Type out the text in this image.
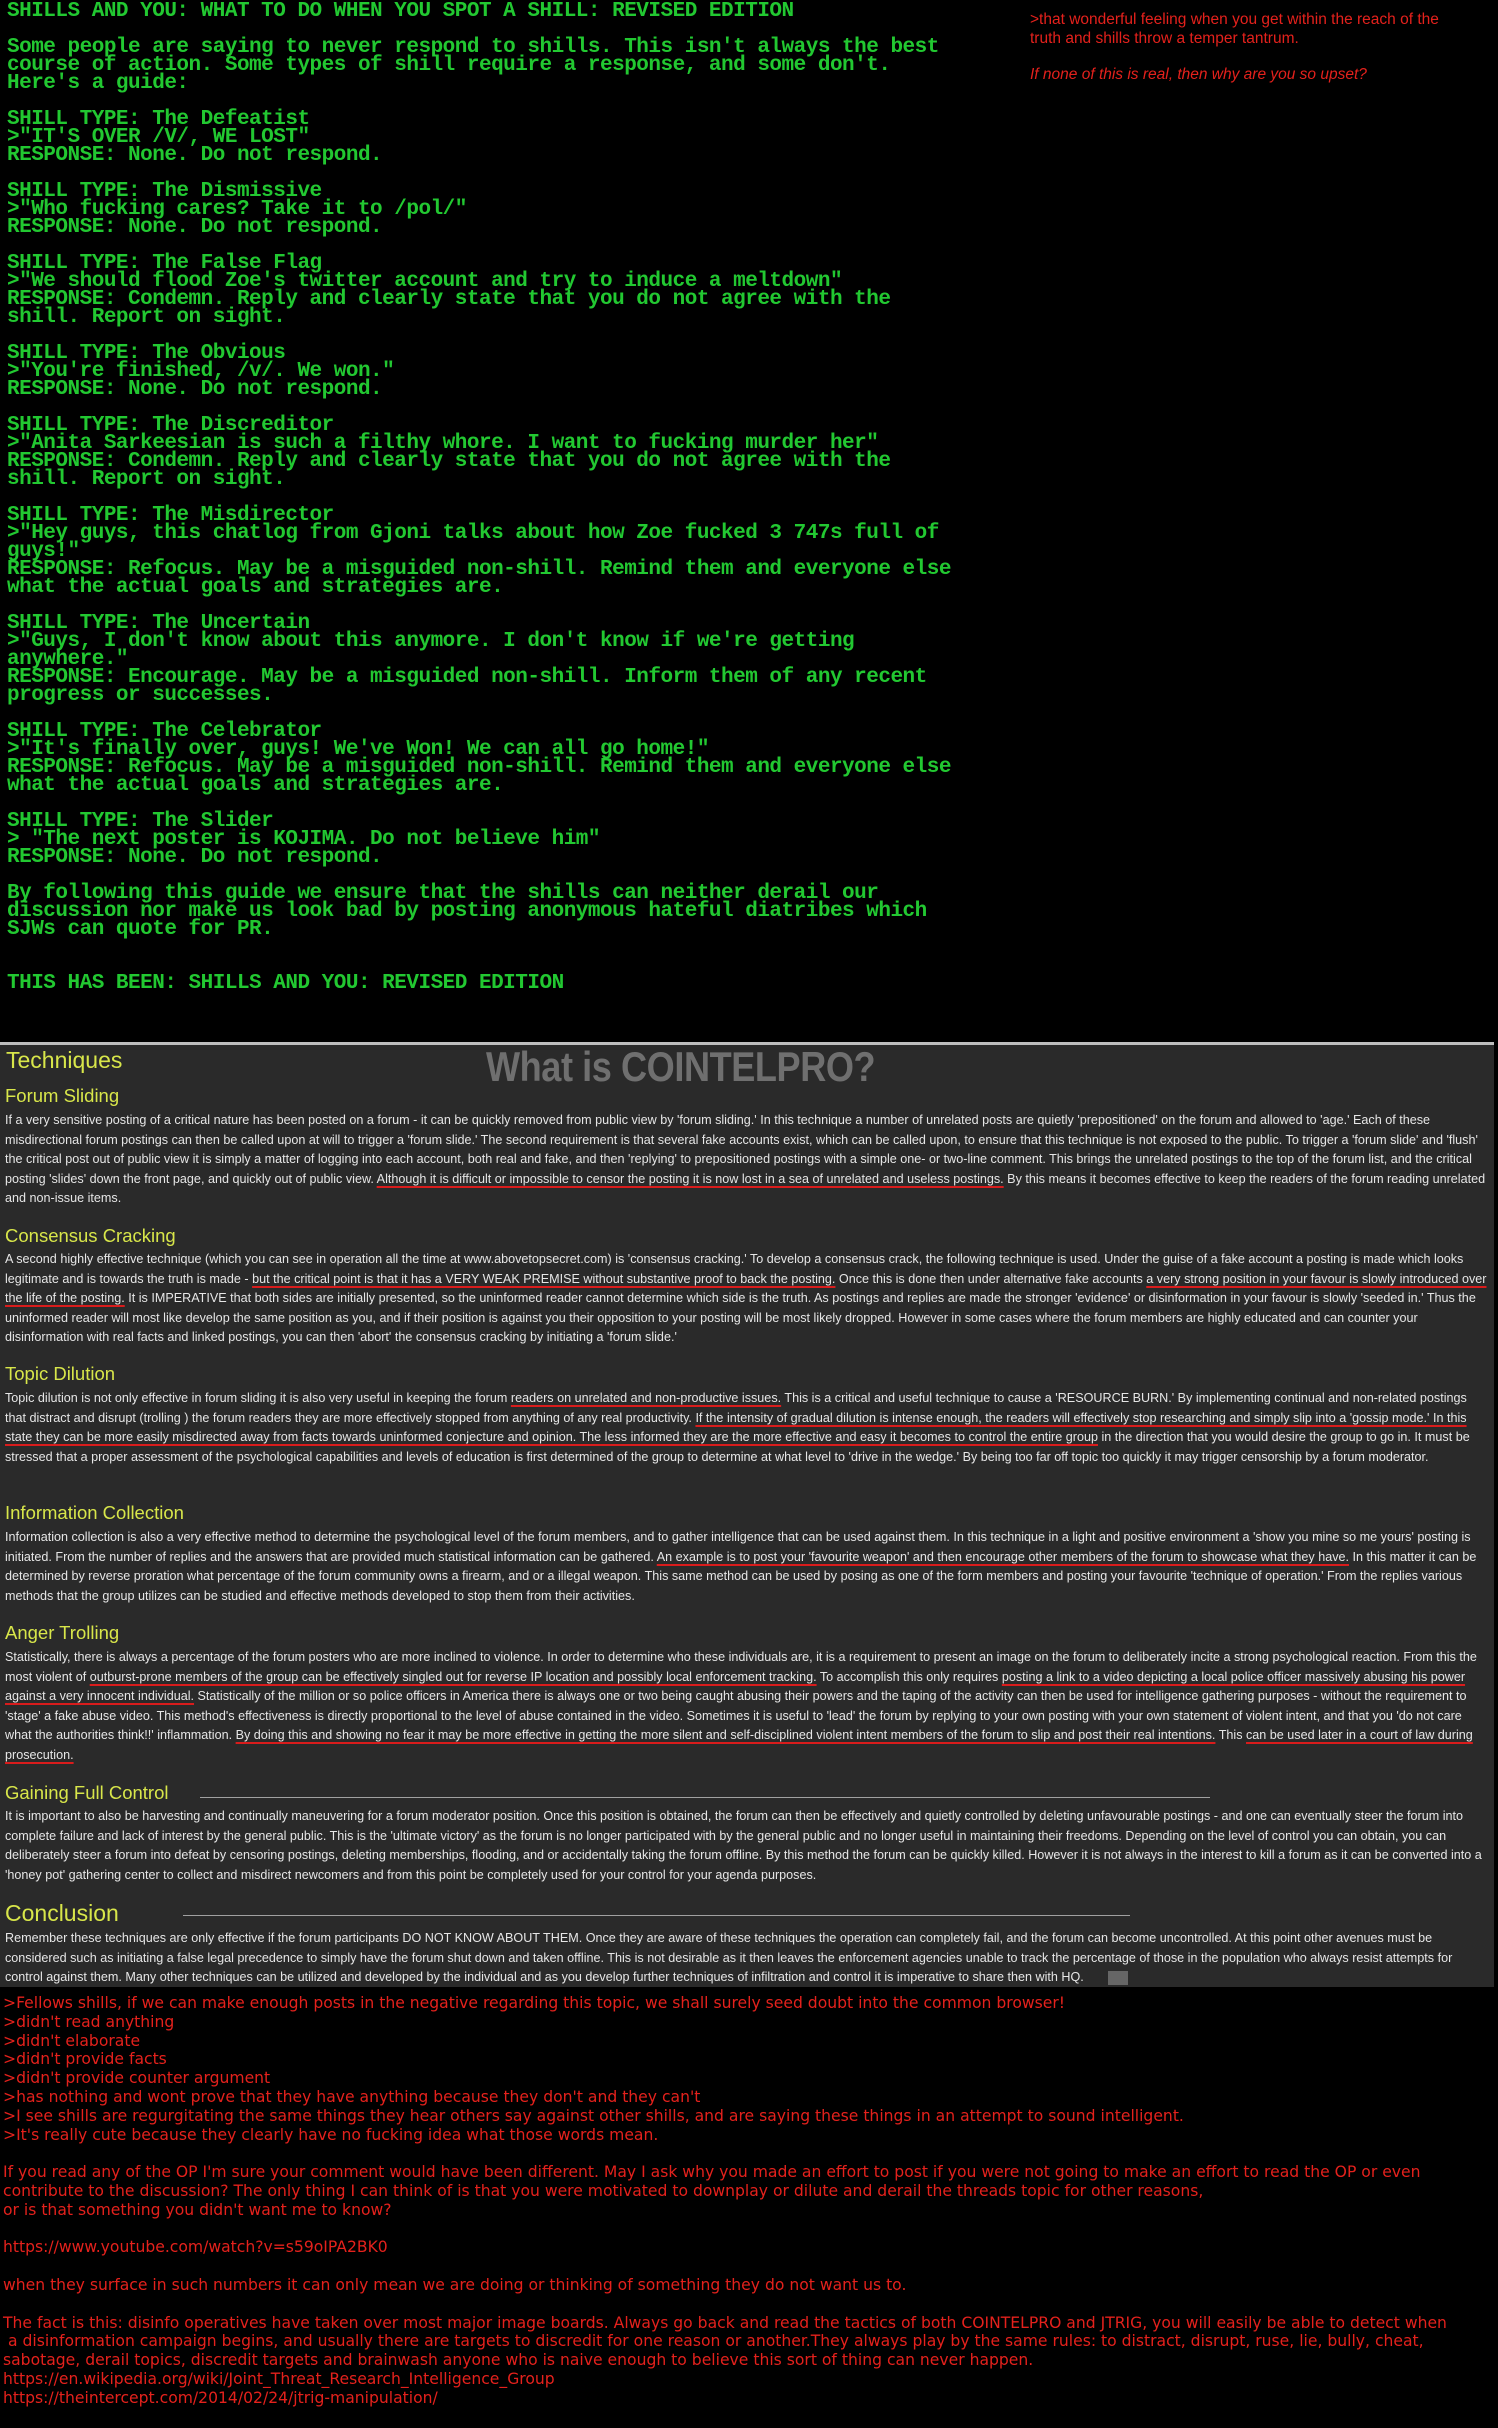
SHILLS AND YOU: WHAT TO DO WHEN YOU SPOT A SHILL: REVISED EDITION
Some people are saying to never respond to shills. This isn't always the best
course of action. Some types of shill require a response, and some don't.
Here's a guide:
SHILL TYPE: The Defeatist
>"IT'S OVER /V/, WE LOST"
RESPONSE: None. Do not respond.
SHILL TYPE: The Dismissive
>"Who fucking cares? Take it to /pol/"
RESPONSE: None. Do not respond.
SHILL TYPE: The False Flag
>"We should flood Zoe's twitter account and try to induce a meltdown"
RESPONSE: Condemn. Reply and clearly state that you do not agree with the
shill. Report on sight.
SHILL TYPE: The Obvious
>"You're finished, /v/. We won."
RESPONSE: None. Do not respond.
SHILL TYPE: The Discreditor
>"Anita Sarkeesian is such a filthy whore. I want to fucking murder her"
RESPONSE: Condemn. Reply and clearly state that you do not agree with the
shill. Report on sight.
SHILL TYPE: The Misdirector
>"Hey guys, this chatlog from Gjoni talks about how Zoe fucked 3 747s full of
guys!"
RESPONSE: Refocus. May be a misguided non-shill. Remind them and everyone else
what the actual goals and strategies are.
SHILL TYPE: The Uncertain
>"Guys, I don't know about this anymore. I don't know if we're getting
anywhere."
RESPONSE: Encourage. May be a misguided non-shill. Inform them of any recent
progress or successes.
SHILL TYPE: The Celebrator
>"It's finally over, guys! We've Won! We can all go home!"
RESPONSE: Refocus. May be a misguided non-shill. Remind them and everyone else
what the actual goals and strategies are.
SHILL TYPE: The Slider
> "The next poster is KOJIMA. Do not believe him"
RESPONSE: None. Do not respond.
By following this guide we ensure that the shills can neither derail our
discussion nor make us look bad by posting anonymous hateful diatribes which
SJWs can quote for PR.
THIS HAS BEEN: SHILLS AND YOU: REVISED EDITION

>that wonderful feeling when you get within the reach of the truth and shills throw a temper tantrum.

If none of this is real, then why are you so upset?

Techniques	What is COINTELPRO?
Forum Sliding
If a very sensitive posting of a critical nature has been posted on a forum - it can be quickly removed from public view by 'forum sliding.' In this technique a number of unrelated posts are quietly 'prepositioned' on the forum and allowed to 'age.' Each of these misdirectional forum postings can then be called upon at will to trigger a 'forum slide.' The second requirement is that several fake accounts exist, which can be called upon, to ensure that this technique is not exposed to the public. To trigger a 'forum slide' and 'flush' the critical post out of public view it is simply a matter of logging into each account, both real and fake, and then 'replying' to prepositioned postings with a simple one- or two-line comment. This brings the unrelated postings to the top of the forum list, and the critical posting 'slides' down the front page, and quickly out of public view. Although it is difficult or impossible to censor the posting it is now lost in a sea of unrelated and useless postings. By this means it becomes effective to keep the readers of the forum reading unrelated and non-issue items.
Consensus Cracking
A second highly effective technique (which you can see in operation all the time at www.abovetopsecret.com) is 'consensus cracking.' To develop a consensus crack, the following technique is used. Under the guise of a fake account a posting is made which looks legitimate and is towards the truth is made - but the critical point is that it has a VERY WEAK PREMISE without substantive proof to back the posting. Once this is done then under alternative fake accounts a very strong position in your favour is slowly introduced over the life of the posting. It is IMPERATIVE that both sides are initially presented, so the uninformed reader cannot determine which side is the truth. As postings and replies are made the stronger 'evidence' or disinformation in your favour is slowly 'seeded in.' Thus the uninformed reader will most like develop the same position as you, and if their position is against you their opposition to your posting will be most likely dropped. However in some cases where the forum members are highly educated and can counter your disinformation with real facts and linked postings, you can then 'abort' the consensus cracking by initiating a 'forum slide.'
Topic Dilution
Topic dilution is not only effective in forum sliding it is also very useful in keeping the forum readers on unrelated and non-productive issues. This is a critical and useful technique to cause a 'RESOURCE BURN.' By implementing continual and non-related postings that distract and disrupt (trolling ) the forum readers they are more effectively stopped from anything of any real productivity. If the intensity of gradual dilution is intense enough, the readers will effectively stop researching and simply slip into a 'gossip mode.' In this state they can be more easily misdirected away from facts towards uninformed conjecture and opinion. The less informed they are the more effective and easy it becomes to control the entire group in the direction that you would desire the group to go in. It must be stressed that a proper assessment of the psychological capabilities and levels of education is first determined of the group to determine at what level to 'drive in the wedge.' By being too far off topic too quickly it may trigger censorship by a forum moderator.
Information Collection
Information collection is also a very effective method to determine the psychological level of the forum members, and to gather intelligence that can be used against them. In this technique in a light and positive environment a 'show you mine so me yours' posting is initiated. From the number of replies and the answers that are provided much statistical information can be gathered. An example is to post your 'favourite weapon' and then encourage other members of the forum to showcase what they have. In this matter it can be determined by reverse proration what percentage of the forum community owns a firearm, and or a illegal weapon. This same method can be used by posing as one of the form members and posting your favourite 'technique of operation.' From the replies various methods that the group utilizes can be studied and effective methods developed to stop them from their activities.
Anger Trolling
Statistically, there is always a percentage of the forum posters who are more inclined to violence. In order to determine who these individuals are, it is a requirement to present an image on the forum to deliberately incite a strong psychological reaction. From this the most violent of outburst-prone members of the group can be effectively singled out for reverse IP location and possibly local enforcement tracking. To accomplish this only requires posting a link to a video depicting a local police officer massively abusing his power against a very innocent individual. Statistically of the million or so police officers in America there is always one or two being caught abusing their powers and the taping of the activity can then be used for intelligence gathering purposes - without the requirement to 'stage' a fake abuse video. This method's effectiveness is directly proportional to the level of abuse contained in the video. Sometimes it is useful to 'lead' the forum by replying to your own posting with your own statement of violent intent, and that you 'do not care what the authorities think!!' inflammation. By doing this and showing no fear it may be more effective in getting the more silent and self-disciplined violent intent members of the forum to slip and post their real intentions. This can be used later in a court of law during prosecution.
Gaining Full Control
It is important to also be harvesting and continually maneuvering for a forum moderator position. Once this position is obtained, the forum can then be effectively and quietly controlled by deleting unfavourable postings - and one can eventually steer the forum into complete failure and lack of interest by the general public. This is the 'ultimate victory' as the forum is no longer participated with by the general public and no longer useful in maintaining their freedoms. Depending on the level of control you can obtain, you can deliberately steer a forum into defeat by censoring postings, deleting memberships, flooding, and or accidentally taking the forum offline. By this method the forum can be quickly killed. However it is not always in the interest to kill a forum as it can be converted into a 'honey pot' gathering center to collect and misdirect newcomers and from this point be completely used for your control for your agenda purposes.
Conclusion
Remember these techniques are only effective if the forum participants DO NOT KNOW ABOUT THEM. Once they are aware of these techniques the operation can completely fail, and the forum can become uncontrolled. At this point other avenues must be considered such as initiating a false legal precedence to simply have the forum shut down and taken offline. This is not desirable as it then leaves the enforcement agencies unable to track the percentage of those in the population who always resist attempts for control against them. Many other techniques can be utilized and developed by the individual and as you develop further techniques of infiltration and control it is imperative to share then with HQ.
>Fellows shills, if we can make enough posts in the negative regarding this topic, we shall surely seed doubt into the common browser!
>didn't read anything
>didn't elaborate
>didn't provide facts
>didn't provide counter argument
>has nothing and wont prove that they have anything because they don't and they can't
>I see shills are regurgitating the same things they hear others say against other shills, and are saying these things in an attempt to sound intelligent.
>It's really cute because they clearly have no fucking idea what those words mean.
If you read any of the OP I'm sure your comment would have been different. May I ask why you made an effort to post if you were not going to make an effort to read the OP or even
contribute to the discussion? The only thing I can think of is that you were motivated to downplay or dilute and derail the threads topic for other reasons,
or is that something you didn't want me to know?
https://www.youtube.com/watch?v=s59oIPA2BK0
when they surface in such numbers it can only mean we are doing or thinking of something they do not want us to.
The fact is this: disinfo operatives have taken over most major image boards. Always go back and read the tactics of both COINTELPRO and JTRIG, you will easily be able to detect when
a disinformation campaign begins, and usually there are targets to discredit for one reason or another.They always play by the same rules: to distract, disrupt, ruse, lie, bully, cheat,
sabotage, derail topics, discredit targets and brainwash anyone who is naive enough to believe this sort of thing can never happen.
https://en.wikipedia.org/wiki/Joint_Threat_Research_Intelligence_Group
https://theintercept.com/2014/02/24/jtrig-manipulation/
